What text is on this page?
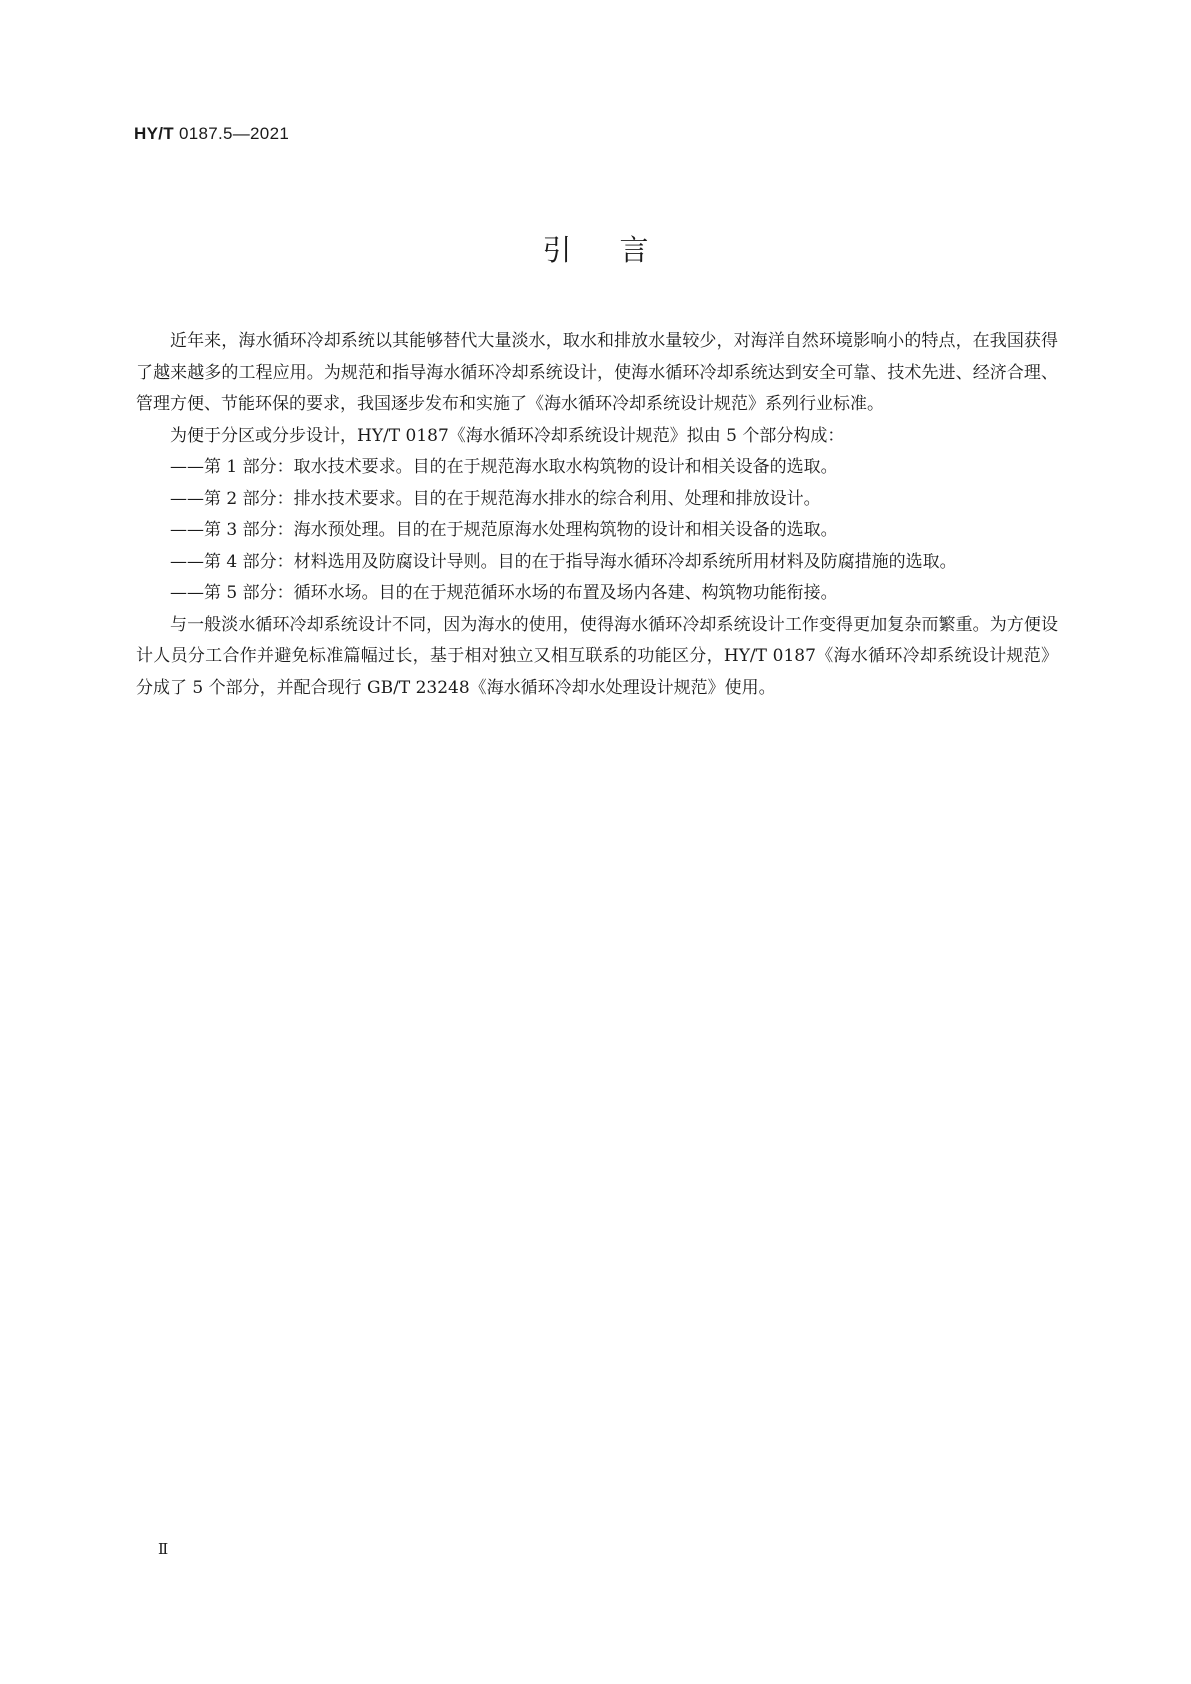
HY/T 0187.5—2021
引言

近年来，海水循环冷却系统以其能够替代大量淡水，取水和排放水量较少，对海洋自然环境影响小的特点，在我国获得了越来越多的工程应用。为规范和指导海水循环冷却系统设计，使海水循环冷却系统达到安全可靠、技术先进、经济合理、管理方便、节能环保的要求，我国逐步发布和实施了《海水循环冷却系统设计规范》系列行业标准。

为便于分区或分步设计，HY/T 0187《海水循环冷却系统设计规范》拟由 5 个部分构成：

——第 1 部分：取水技术要求。目的在于规范海水取水构筑物的设计和相关设备的选取。

——第 2 部分：排水技术要求。目的在于规范海水排水的综合利用、处理和排放设计。

——第 3 部分：海水预处理。目的在于规范原海水处理构筑物的设计和相关设备的选取。

——第 4 部分：材料选用及防腐设计导则。目的在于指导海水循环冷却系统所用材料及防腐措施的选取。

——第 5 部分：循环水场。目的在于规范循环水场的布置及场内各建、构筑物功能衔接。

与一般淡水循环冷却系统设计不同，因为海水的使用，使得海水循环冷却系统设计工作变得更加复杂而繁重。为方便设计人员分工合作并避免标准篇幅过长，基于相对独立又相互联系的功能区分，HY/T 0187《海水循环冷却系统设计规范》分成了 5 个部分，并配合现行 GB/T 23248《海水循环冷却水处理设计规范》使用。

Ⅱ
